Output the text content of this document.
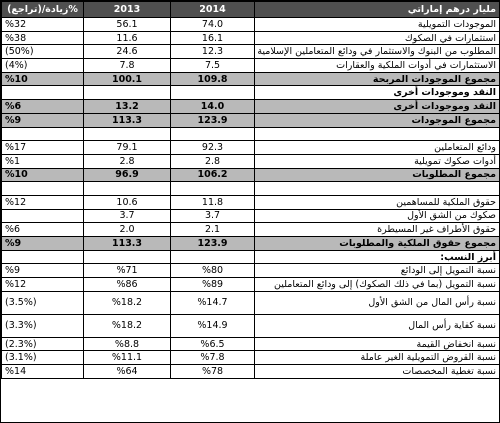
مليار درهم إماراتي	2014	2013	%زيادة/(تراجع)
الموجودات التمويلية	74.0	56.1	%32
استثمارات في الصكوك	16.1	11.6	%38
المطلوب من البنوك والاستثمار في ودائع المتعاملين الإسلامية	12.3	24.6	(50%)
الاستثمارات في أدوات الملكية والعقارات	7.5	7.8	(4%)
مجموع الموجودات المربحة	109.8	100.1	%10
النقد وموجودات أخرى			
النقد وموجودات أخرى	14.0	13.2	%6
مجموع الموجودات	123.9	113.3	%9

ودائع المتعاملين	92.3	79.1	%17
أدوات صكوك تمويلية	2.8	2.8	%1
مجموع المطلوبات	106.2	96.9	%10

حقوق الملكية للمساهمين	11.8	10.6	%12
صكوك من الشق الأول	3.7	3.7	
حقوق الأطراف غير المسيطرة	2.1	2.0	%6
مجموع حقوق الملكية والمطلوبات	123.9	113.3	%9
أبرز النسب:			
نسبة التمويل إلى الودائع	%80	%71	%9
نسبة التمويل (بما في ذلك الصكوك) إلى ودائع المتعاملين	%89	%86	%12
نسبة رأس المال من الشق الأول	%14.7	%18.2	(3.5%)
نسبة كفاية رأس المال	%14.9	%18.2	(3.3%)
نسبة انخفاض القيمة	%6.5	%8.8	(2.3%)
نسبة القروض التمويلية الغير عاملة	%7.8	%11.1	(3.1%)
نسبة تغطية المخصصات	%78	%64	%14
